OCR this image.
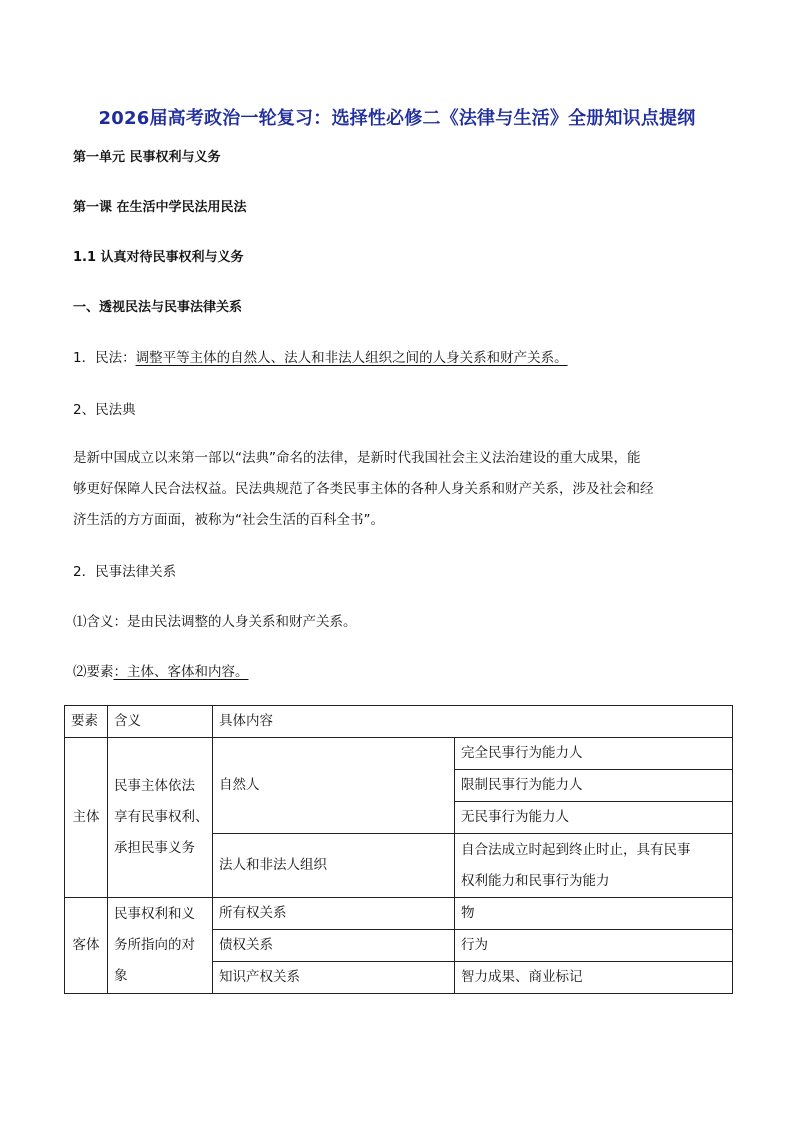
2026届高考政治一轮复习：选择性必修二《法律与生活》全册知识点提纲
第一单元 民事权利与义务
第一课 在生活中学民法用民法
1.1 认真对待民事权利与义务
一、透视民法与民事法律关系
1．民法：调整平等主体的自然人、法人和非法人组织之间的人身关系和财产关系。
2、民法典
是新中国成立以来第一部以“法典”命名的法律，是新时代我国社会主义法治建设的重大成果，能
够更好保障人民合法权益。民法典规范了各类民事主体的各种人身关系和财产关系，涉及社会和经
济生活的方方面面，被称为“社会生活的百科全书”。
2．民事法律关系
⑴含义：是由民法调整的人身关系和财产关系。
⑵要素：主体、客体和内容。
要素	含义	具体内容	
主体	民事主体依法
享有民事权利、
承担民事义务	自然人	完全民事行为能力人
			限制民事行为能力人
			无民事行为能力人
		法人和非法人组织	自合法成立时起到终止时止，具有民事
权利能力和民事行为能力

客体	民事权利和义
务所指向的对
象	所有权关系	物
		债权关系	行为
		知识产权关系	智力成果、商业标记
